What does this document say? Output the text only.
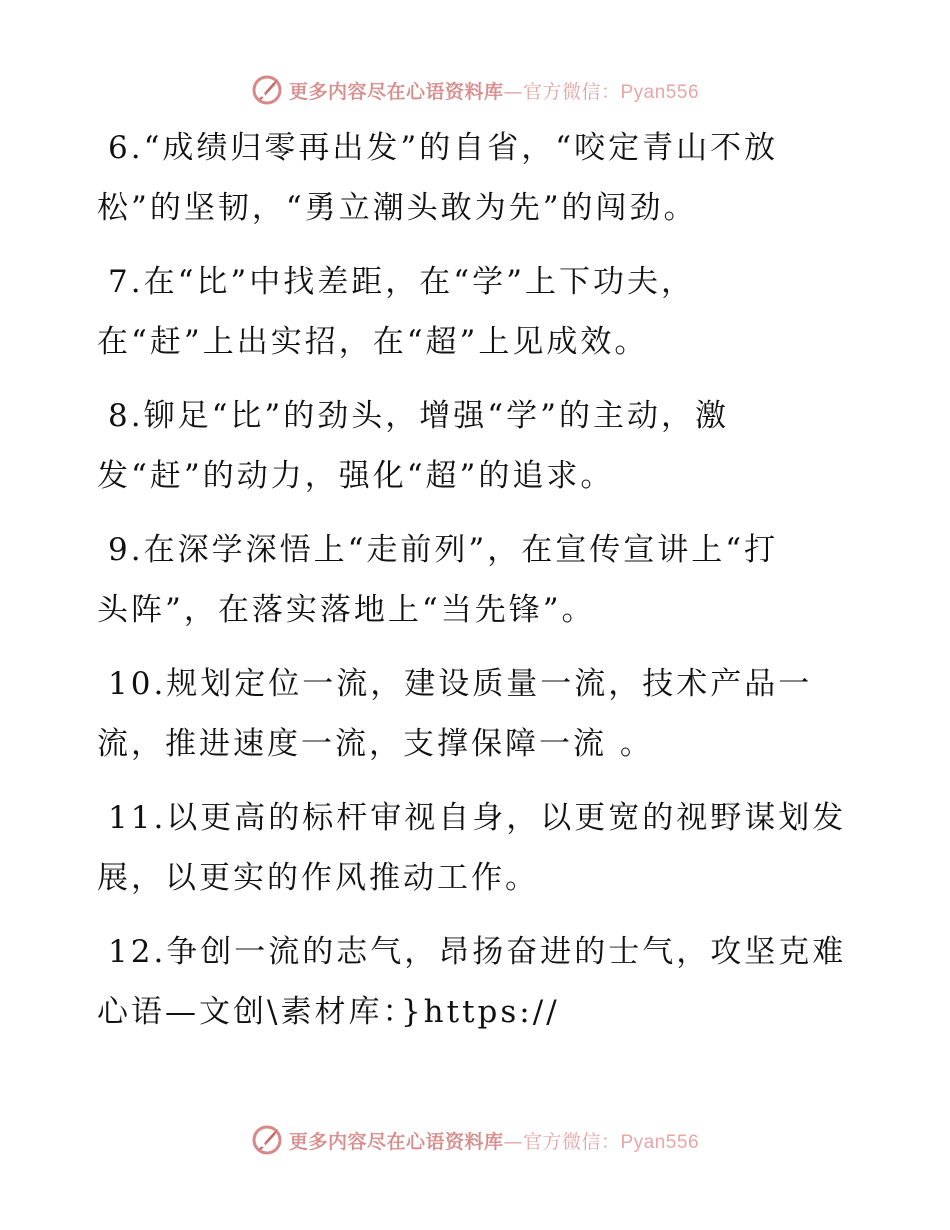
更多内容尽在心语资料库—官方微信：Pyan556
6.“成绩归零再出发”的自省，“咬定青山不放
松”的坚韧，“勇立潮头敢为先”的闯劲。
7.在“比”中找差距，在“学”上下功夫，
在“赶”上出实招，在“超”上见成效。
8.铆足“比”的劲头，增强“学”的主动，激
发“赶”的动力，强化“超”的追求。
9.在深学深悟上“走前列”，在宣传宣讲上“打
头阵”，在落实落地上“当先锋”。
10.规划定位一流，建设质量一流，技术产品一
流，推进速度一流，支撑保障一流 。
11.以更高的标杆审视自身，以更宽的视野谋划发
展，以更实的作风推动工作。
12.争创一流的志气，昂扬奋进的士气，攻坚克难
心语—文创\素材库：}https://
更多内容尽在心语资料库—官方微信：Pyan556
